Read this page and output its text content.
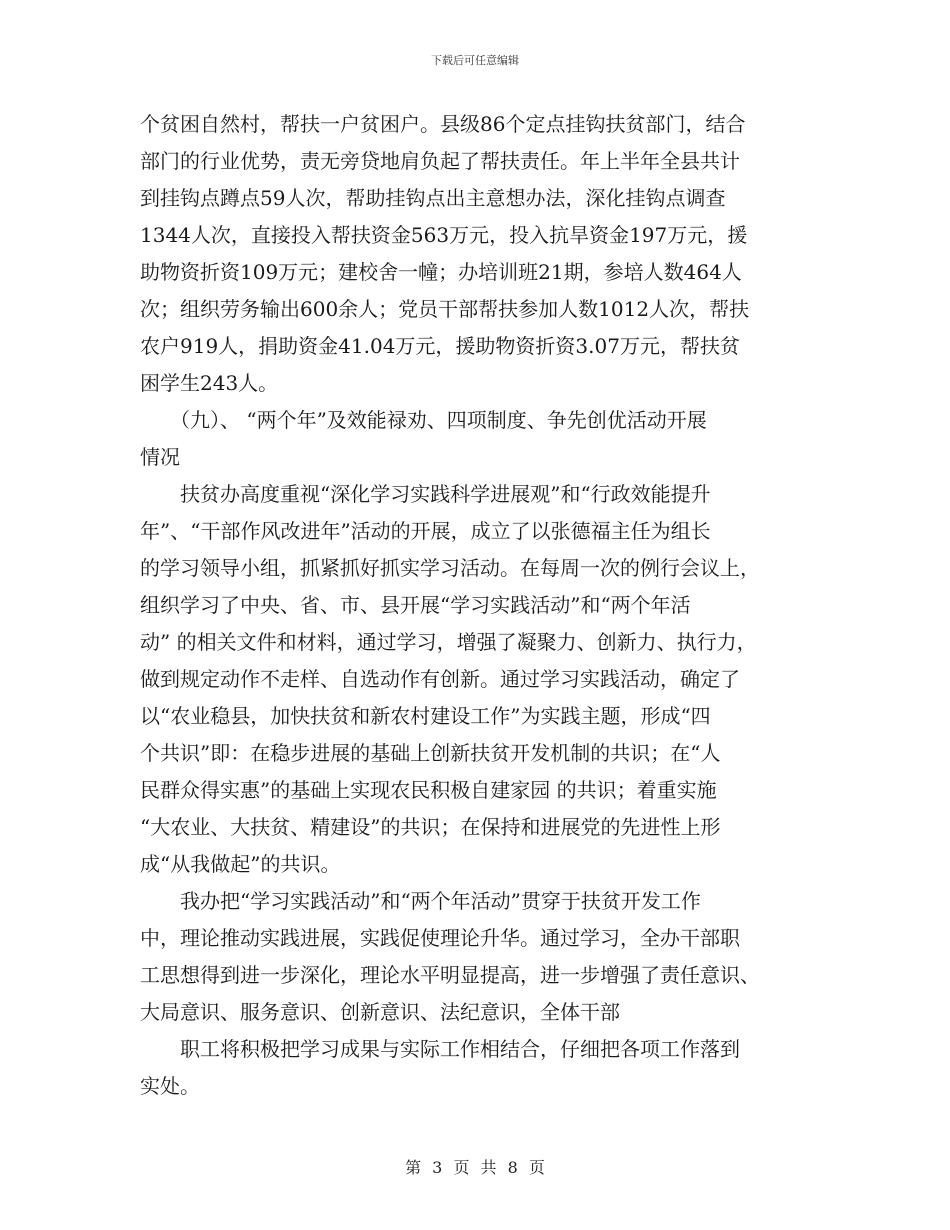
下载后可任意编辑
个贫困自然村，帮扶一户贫困户。县级86个定点挂钩扶贫部门，结合
部门的行业优势，责无旁贷地肩负起了帮扶责任。年上半年全县共计
到挂钩点蹲点59人次，帮助挂钩点出主意想办法，深化挂钩点调查
1344人次，直接投入帮扶资金563万元，投入抗旱资金197万元，援
助物资折资109万元；建校舍一幢；办培训班21期，参培人数464人
次；组织劳务输出600余人；党员干部帮扶参加人数1012人次，帮扶
农户919人，捐助资金41.04万元，援助物资折资3.07万元，帮扶贫
困学生243人。
　　（九）、 “两个年”及效能禄劝、四项制度、争先创优活动开展
情况
　　扶贫办高度重视“深化学习实践科学进展观”和“行政效能提升
年”、“干部作风改进年”活动的开展，成立了以张德福主任为组长
的学习领导小组，抓紧抓好抓实学习活动。在每周一次的例行会议上，
组织学习了中央、省、市、县开展“学习实践活动”和“两个年活
动” 的相关文件和材料，通过学习，增强了凝聚力、创新力、执行力，
做到规定动作不走样、自选动作有创新。通过学习实践活动，确定了
以“农业稳县，加快扶贫和新农村建设工作”为实践主题，形成“四
个共识”即：在稳步进展的基础上创新扶贫开发机制的共识；在“人
民群众得实惠”的基础上实现农民积极自建家园 的共识；着重实施
“大农业、大扶贫、精建设”的共识；在保持和进展党的先进性上形
成“从我做起”的共识。
　　我办把“学习实践活动”和“两个年活动”贯穿于扶贫开发工作
中，理论推动实践进展，实践促使理论升华。通过学习，全办干部职
工思想得到进一步深化，理论水平明显提高，进一步增强了责任意识、
大局意识、服务意识、创新意识、法纪意识，全体干部
　　职工将积极把学习成果与实际工作相结合，仔细把各项工作落到
实处。
第 3 页 共 8 页
